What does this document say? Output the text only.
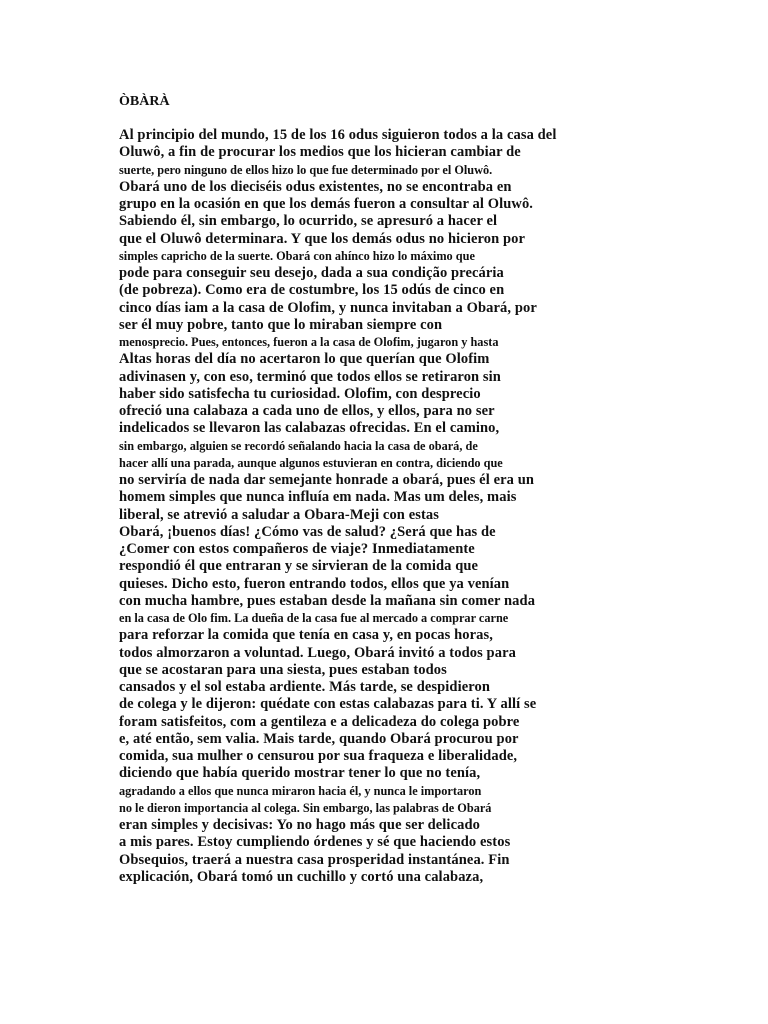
ÒBÀRÀ
Al principio del mundo, 15 de los 16 odus siguieron todos a la casa del
Oluwô, a fin de procurar los medios que los hicieran cambiar de
suerte, pero ninguno de ellos hizo lo que fue determinado por el Oluwô.
Obará uno de los dieciséis odus existentes, no se encontraba en
grupo en la ocasión en que los demás fueron a consultar al Oluwô.
Sabiendo él, sin embargo, lo ocurrido, se apresuró a hacer el
que el Oluwô determinara. Y que los demás odus no hicieron por
simples capricho de la suerte. Obará con ahínco hizo lo máximo que
pode para conseguir seu desejo, dada a sua condição precária
(de pobreza). Como era de costumbre, los 15 odús de cinco en
cinco días iam a la casa de Olofim, y nunca invitaban a Obará, por
ser él muy pobre, tanto que lo miraban siempre con
menosprecio. Pues, entonces, fueron a la casa de Olofim, jugaron y hasta
Altas horas del día no acertaron lo que querían que Olofim
adivinasen y, con eso, terminó que todos ellos se retiraron sin
haber sido satisfecha tu curiosidad. Olofim, con desprecio
ofreció una calabaza a cada uno de ellos, y ellos, para no ser
indelicados se llevaron las calabazas ofrecidas. En el camino,
sin embargo, alguien se recordó señalando hacia la casa de obará, de
hacer allí una parada, aunque algunos estuvieran en contra, diciendo que
no serviría de nada dar semejante honrade a obará, pues él era un
homem simples que nunca influía em nada. Mas um deles, mais
liberal, se atrevió a saludar a Obara-Meji con estas
Obará, ¡buenos días! ¿Cómo vas de salud? ¿Será que has de
¿Comer con estos compañeros de viaje? Inmediatamente
respondió él que entraran y se sirvieran de la comida que
quieses. Dicho esto, fueron entrando todos, ellos que ya venían
con mucha hambre, pues estaban desde la mañana sin comer nada
en la casa de Olo fim. La dueña de la casa fue al mercado a comprar carne
para reforzar la comida que tenía en casa y, en pocas horas,
todos almorzaron a voluntad. Luego, Obará invitó a todos para
que se acostaran para una siesta, pues estaban todos
cansados y el sol estaba ardiente. Más tarde, se despidieron
de colega y le dijeron: quédate con estas calabazas para ti. Y allí se
foram satisfeitos, com a gentileza e a delicadeza do colega pobre
e, até então, sem valia. Mais tarde, quando Obará procurou por
comida, sua mulher o censurou por sua fraqueza e liberalidade,
diciendo que había querido mostrar tener lo que no tenía,
agradando a ellos que nunca miraron hacia él, y nunca le importaron
no le dieron importancia al colega. Sin embargo, las palabras de Obará
eran simples y decisivas: Yo no hago más que ser delicado
a mis pares. Estoy cumpliendo órdenes y sé que haciendo estos
Obsequios, traerá a nuestra casa prosperidad instantánea. Fin
explicación, Obará tomó un cuchillo y cortó una calabaza,
